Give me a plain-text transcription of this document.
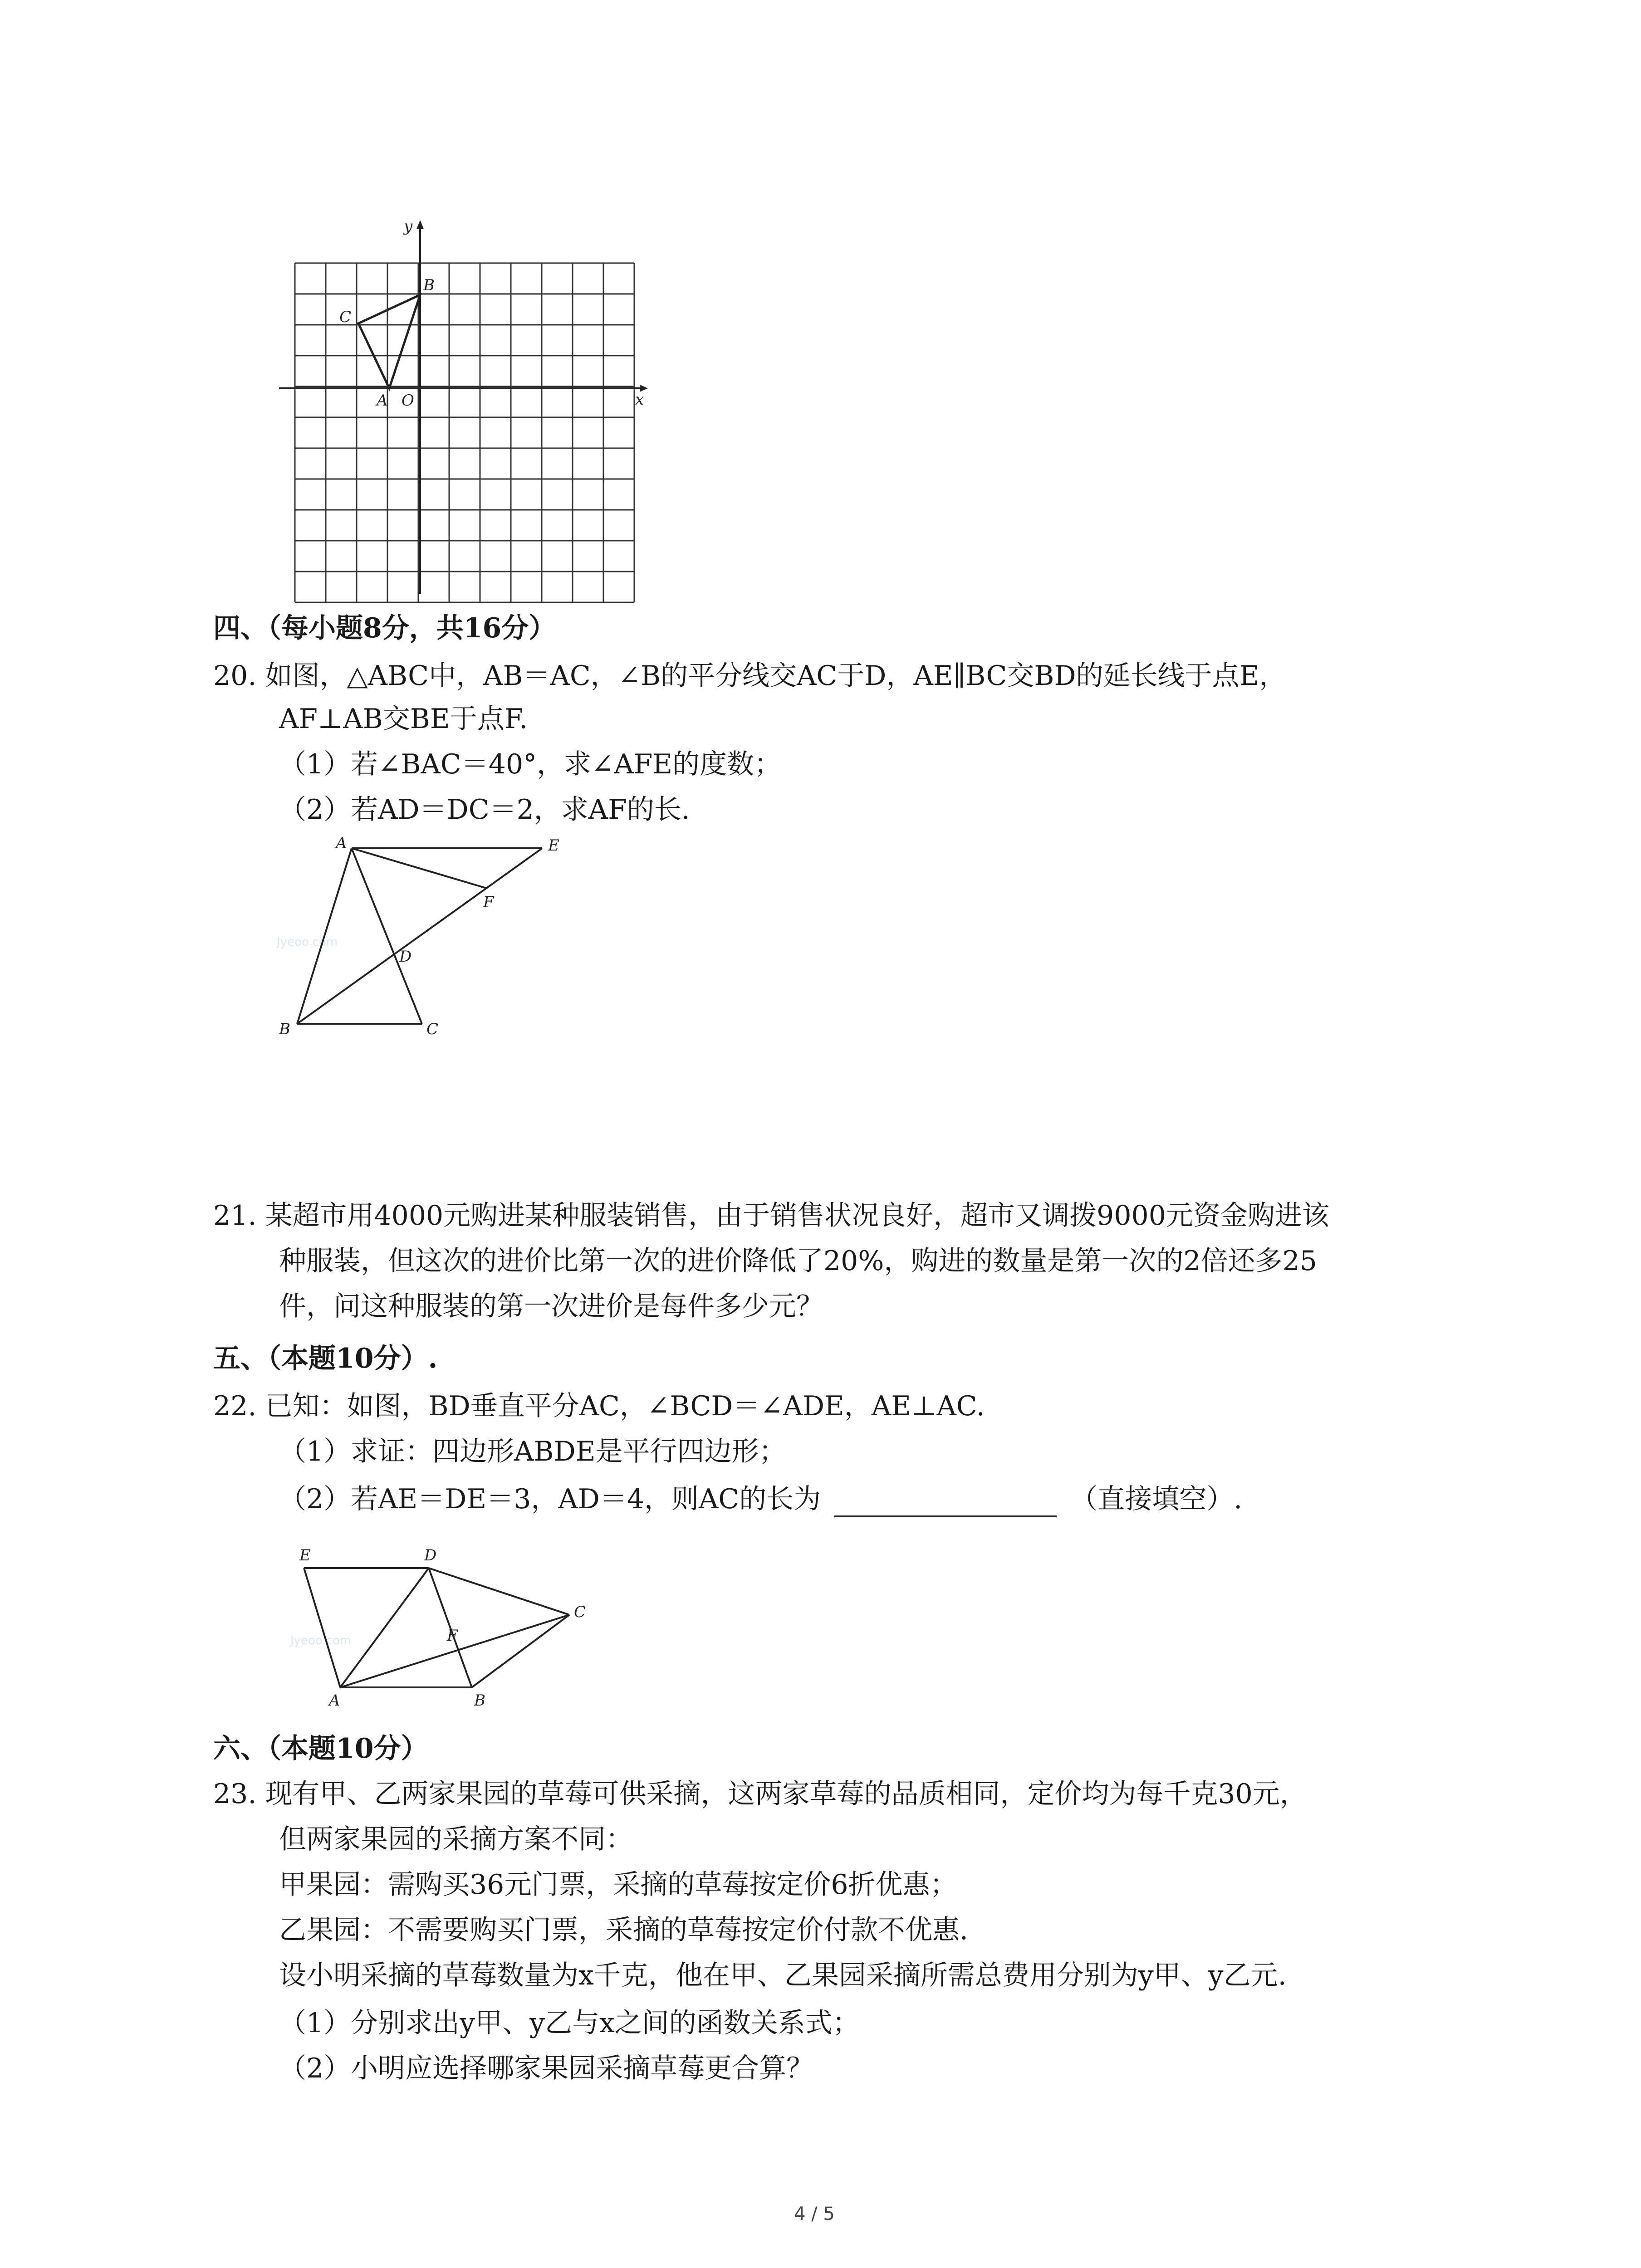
x
y
O
A
B
C
四、（每小题8分，共16分）
20. 如图，△ABC中，AB＝AC，∠B的平分线交AC于D，AE∥BC交BD的延长线于点E，
AF⊥AB交BE于点F.
（1）若∠BAC＝40°，求∠AFE的度数；
（2）若AD＝DC＝2，求AF的长.
Jyeoo.com
A	E
F
D
B	C
21. 某超市用4000元购进某种服装销售，由于销售状况良好，超市又调拨9000元资金购进该
种服装，但这次的进价比第一次的进价降低了20%，购进的数量是第一次的2倍还多25
件，问这种服装的第一次进价是每件多少元？
五、（本题10分）.
22. 已知：如图，BD垂直平分AC，∠BCD＝∠ADE，AE⊥AC.
（1）求证：四边形ABDE是平行四边形；
（2）若AE＝DE＝3，AD＝4，则AC的长为	（直接填空）.
Jyeoo.com
E	D
C
F
A	B
六、（本题10分）
23. 现有甲、乙两家果园的草莓可供采摘，这两家草莓的品质相同，定价均为每千克30元，
但两家果园的采摘方案不同：
甲果园：需购买36元门票，采摘的草莓按定价6折优惠；
乙果园：不需要购买门票，采摘的草莓按定价付款不优惠.
设小明采摘的草莓数量为x千克，他在甲、乙果园采摘所需总费用分别为y甲、y乙元.
（1）分别求出y甲、y乙与x之间的函数关系式；
（2）小明应选择哪家果园采摘草莓更合算？
4 / 5
